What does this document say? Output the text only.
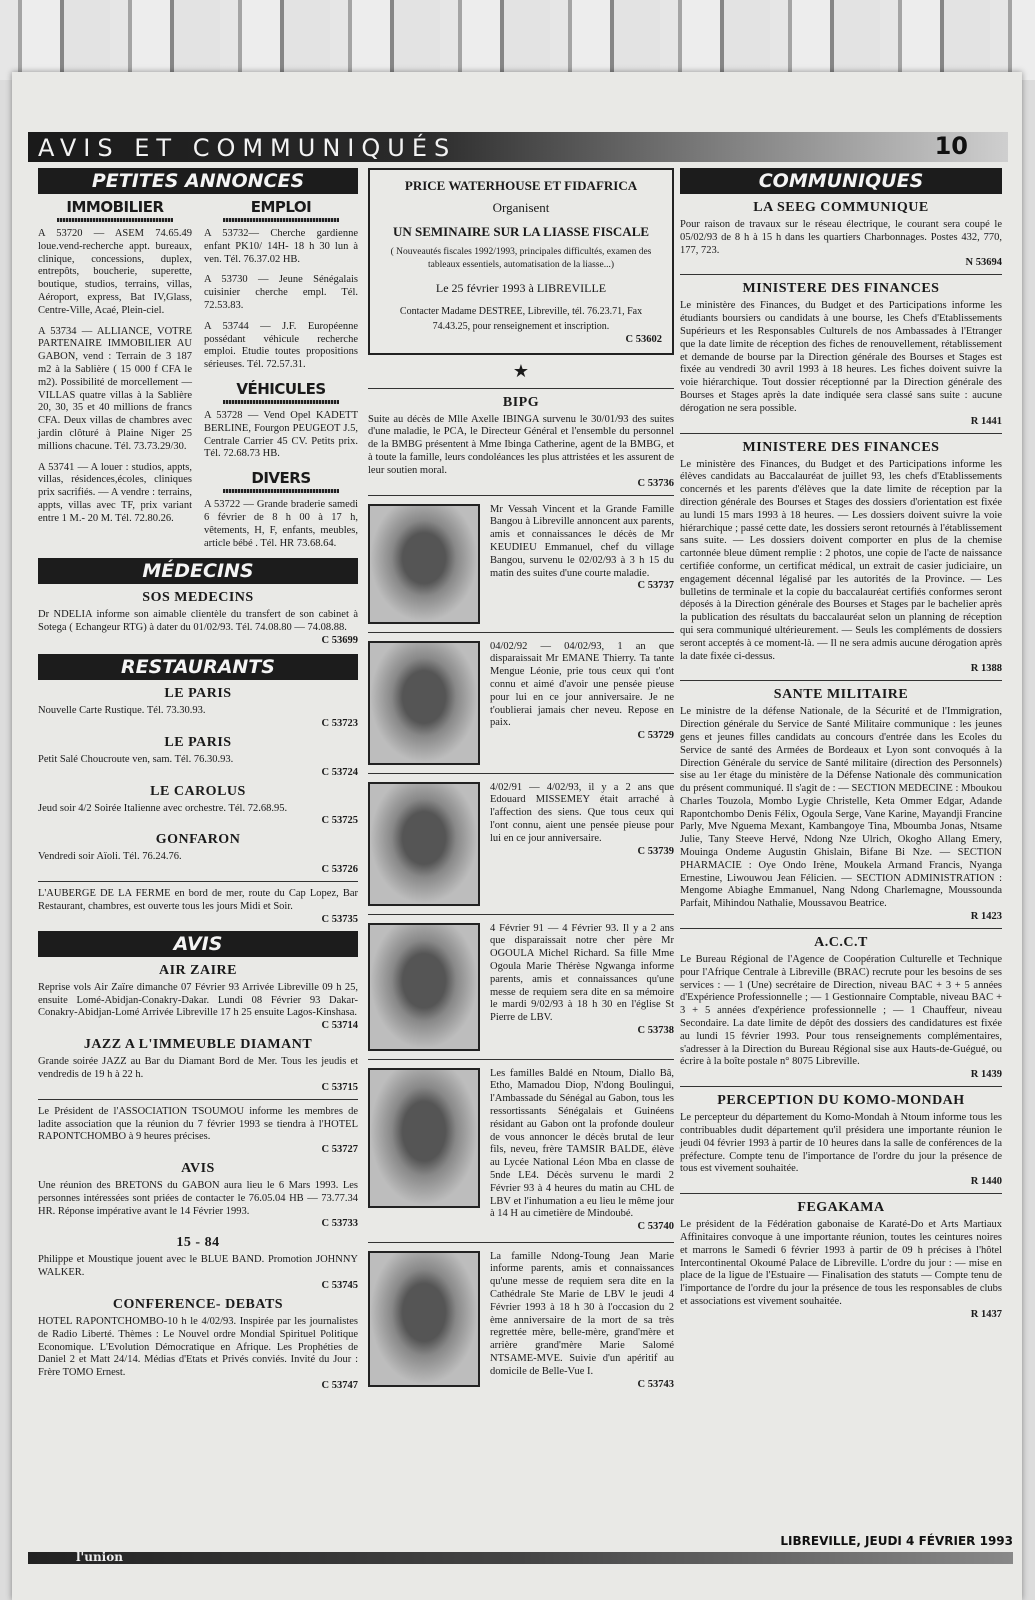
AVIS ET COMMUNIQUÉS	10
PETITES ANNONCES
IMMOBILIER

A 53720 — ASEM 74.65.49 loue.vend-recherche appt. bureaux, clinique, concessions, duplex, entrepôts, boucherie, superette, boutique, studios, terrains, villas, Aéroport, express, Bat IV,Glass, Centre-Ville, Acaé, Plein-ciel.

A 53734 — ALLIANCE, VOTRE PARTENAIRE IMMOBILIER AU GABON, vend : Terrain de 3 187 m2 à la Sablière ( 15 000 f CFA le m2). Possibilité de morcellement — VILLAS quatre villas à la Sablière 20, 30, 35 et 40 millions de francs CFA. Deux villas de chambres avec jardin clôturé à Plaine Niger 25 millions chacune. Tél. 73.73.29/30.

A 53741 — A louer : studios, appts, villas, résidences,écoles, cliniques prix sacrifiés. — A vendre : terrains, appts, villas avec TF, prix variant entre 1 M.- 20 M. Tél. 72.80.26.

EMPLOI

A 53732— Cherche gardienne enfant PK10/ 14H- 18 h 30 lun à ven. Tél. 76.37.02 HB.

A 53730 — Jeune Sénégalais cuisinier cherche empl. Tél. 72.53.83.

A 53744 — J.F. Européenne possédant véhicule recherche emploi. Etudie toutes propositions sérieuses. Tél. 72.57.31.

VÉHICULES

A 53728 — Vend Opel KADETT BERLINE, Fourgon PEUGEOT J.5, Centrale Carrier 45 CV. Petits prix. Tél. 72.68.73 HB.

DIVERS

A 53722 — Grande braderie samedi 6 février de 8 h 00 à 17 h, vêtements, H, F, enfants, meubles, article bébé . Tél. HR 73.68.64.

MÉDECINS
SOS MEDECINS

Dr NDELIA informe son aimable clientèle du transfert de son cabinet à Sotega ( Echangeur RTG) à dater du 01/02/93. Tél. 74.08.80 — 74.08.88.

C 53699
RESTAURANTS
LE PARIS

Nouvelle Carte Rustique. Tél. 73.30.93.

C 53723
LE PARIS

Petit Salé Choucroute ven, sam. Tél. 76.30.93.

C 53724
LE CAROLUS

Jeud soir 4/2 Soirée Italienne avec orchestre. Tél. 72.68.95.

C 53725
GONFARON

Vendredi soir Aïoli. Tél. 76.24.76.

C 53726

L'AUBERGE DE LA FERME en bord de mer, route du Cap Lopez, Bar Restaurant, chambres, est ouverte tous les jours Midi et Soir.

C 53735
AVIS
AIR ZAIRE

Reprise vols Air Zaïre dimanche 07 Février 93 Arrivée Libreville 09 h 25, ensuite Lomé-Abidjan-Conakry-Dakar. Lundi 08 Février 93 Dakar-Conakry-Abidjan-Lomé Arrivée Libreville 17 h 25 ensuite Lagos-Kinshasa.

C 53714
JAZZ A L'IMMEUBLE DIAMANT

Grande soirée JAZZ au Bar du Diamant Bord de Mer. Tous les jeudis et vendredis de 19 h à 22 h.

C 53715

Le Président de l'ASSOCIATION TSOUMOU informe les membres de ladite association que la réunion du 7 février 1993 se tiendra à l'HOTEL RAPONTCHOMBO à 9 heures précises.

C 53727
AVIS

Une réunion des BRETONS du GABON aura lieu le 6 Mars 1993. Les personnes intéressées sont priées de contacter le 76.05.04 HB — 73.77.34 HR. Réponse impérative avant le 14 Février 1993.

C 53733
15 - 84

Philippe et Moustique jouent avec le BLUE BAND. Promotion JOHNNY WALKER.

C 53745
CONFERENCE- DEBATS

HOTEL RAPONTCHOMBO-10 h le 4/02/93. Inspirée par les journalistes de Radio Liberté. Thèmes : Le Nouvel ordre Mondial Spirituel Politique Economique. L'Evolution Démocratique en Afrique. Les Prophéties de Daniel 2 et Matt 24/14. Médias d'Etats et Privés conviés. Invité du Jour : Frère TOMO Ernest.

C 53747
PRICE WATERHOUSE ET FIDAFRICA
Organisent
UN SEMINAIRE SUR LA LIASSE FISCALE
( Nouveautés fiscales 1992/1993, principales difficultés, examen des tableaux essentiels, automatisation de la liasse...)
Le 25 février 1993 à LIBREVILLE
Contacter Madame DESTREE, Libreville, tél. 76.23.71, Fax 74.43.25, pour renseignement et inscription.
C 53602
★
BIPG

Suite au décès de Mlle Axelle IBINGA survenu le 30/01/93 des suites d'une maladie, le PCA, le Directeur Général et l'ensemble du personnel de la BMBG présentent à Mme Ibinga Catherine, agent de la BMBG, et à toute la famille, leurs condoléances les plus attristées et les assurent de leur soutien moral.

C 53736
Mr Vessah Vincent et la Grande Famille Bangou à Libreville annoncent aux parents, amis et connaissances le décès de Mr KEUDIEU Emmanuel, chef du village Bangou, survenu le 02/02/93 à 3 h 15 du matin des suites d'une courte maladie.
C 53737
04/02/92 — 04/02/93, 1 an que disparaissait Mr EMANE Thierry. Ta tante Mengue Léonie, prie tous ceux qui t'ont connu et aimé d'avoir une pensée pieuse pour lui en ce jour anniversaire. Je ne t'oublierai jamais cher neveu. Repose en paix.
C 53729
4/02/91 — 4/02/93, il y a 2 ans que Edouard MISSEMEY était arraché à l'affection des siens. Que tous ceux qui l'ont connu, aient une pensée pieuse pour lui en ce jour anniversaire.
C 53739
4 Février 91 — 4 Février 93. Il y a 2 ans que disparaissait notre cher père Mr OGOULA Michel Richard. Sa fille Mme Ogoula Marie Thérèse Ngwanga informe parents, amis et connaissances qu'une messe de requiem sera dite en sa mémoire le mardi 9/02/93 à 18 h 30 en l'église St Pierre de LBV.
C 53738
Les familles Baldé en Ntoum, Diallo Bâ, Etho, Mamadou Diop, N'dong Boulingui, l'Ambassade du Sénégal au Gabon, tous les ressortissants Sénégalais et Guinéens résidant au Gabon ont la profonde douleur de vous annoncer le décès brutal de leur fils, neveu, frère TAMSIR BALDE, élève au Lycée National Léon Mba en classe de 5nde LE4. Décès survenu le mardi 2 Février 93 à 4 heures du matin au CHL de LBV et l'inhumation a eu lieu le même jour à 14 H au cimetière de Mindoubé.
C 53740
La famille Ndong-Toung Jean Marie informe parents, amis et connaissances qu'une messe de requiem sera dite en la Cathédrale Ste Marie de LBV le jeudi 4 Février 1993 à 18 h 30 à l'occasion du 2 ème anniversaire de la mort de sa très regrettée mère, belle-mère, grand'mère et arrière grand'mère Marie Salomé NTSAME-MVE. Suivie d'un apéritif au domicile de Belle-Vue I.
C 53743
COMMUNIQUES
LA SEEG COMMUNIQUE

Pour raison de travaux sur le réseau électrique, le courant sera coupé le 05/02/93 de 8 h à 15 h dans les quartiers Charbonnages. Postes 432, 770, 177, 723.

N 53694
MINISTERE DES FINANCES

Le ministère des Finances, du Budget et des Participations informe les étudiants boursiers ou candidats à une bourse, les Chefs d'Etablissements Supérieurs et les Responsables Culturels de nos Ambassades à l'Etranger que la date limite de réception des fiches de renouvellement, rétablissement et demande de bourse par la Direction générale des Bourses et Stages est fixée au vendredi 30 avril 1993 à 18 heures. Les fiches doivent suivre la voie hiérarchique. Tout dossier réceptionné par la Direction générale des Bourses et Stages après la date indiquée sera classé sans suite : aucune dérogation ne sera possible.

R 1441
MINISTERE DES FINANCES

Le ministère des Finances, du Budget et des Participations informe les élèves candidats au Baccalauréat de juillet 93, les chefs d'Etablissements concernés et les parents d'élèves que la date limite de réception par la direction générale des Bourses et Stages des dossiers d'orientation est fixée au lundi 15 mars 1993 à 18 heures. — Les dossiers doivent suivre la voie hiérarchique ; passé cette date, les dossiers seront retournés à l'établissement sans suite. — Les dossiers doivent comporter en plus de la chemise cartonnée bleue dûment remplie : 2 photos, une copie de l'acte de naissance certifiée conforme, un certificat médical, un extrait de casier judiciaire, un engagement décennal légalisé par les autorités de la Province. — Les bulletins de terminale et la copie du baccalauréat certifiés conformes seront déposés à la Direction générale des Bourses et Stages par le bachelier après la publication des résultats du baccalauréat selon un planning de réception qui sera communiqué ultérieurement. — Seuls les compléments de dossiers seront acceptés à ce moment-là. — Il ne sera admis aucune dérogation après la date fixée ci-dessus.

R 1388
SANTE MILITAIRE

Le ministre de la défense Nationale, de la Sécurité et de l'Immigration, Direction générale du Service de Santé Militaire communique : les jeunes gens et jeunes filles candidats au concours d'entrée dans les Ecoles du Service de santé des Armées de Bordeaux et Lyon sont convoqués à la Direction Générale du service de Santé militaire (direction des Personnels) sise au 1er étage du ministère de la Défense Nationale dès communication du présent communiqué. Il s'agit de : — SECTION MEDECINE : Mboukou Charles Touzola, Mombo Lygie Christelle, Keta Ommer Edgar, Adande Rapontchombo Denis Félix, Ogoula Serge, Vane Karine, Mayandji Francine Parly, Mve Nguema Mexant, Kambangoye Tina, Mboumba Jonas, Ntsame Julie, Tany Steeve Hervé, Ndong Nze Ulrich, Okogho Allang Emery, Mouinga Ondeme Augustin Ghislain, Bifane Bi Nze. — SECTION PHARMACIE : Oye Ondo Irène, Moukela Armand Francis, Nyanga Ernestine, Liwouwou Jean Félicien. — SECTION ADMINISTRATION : Mengome Abiaghe Emmanuel, Nang Ndong Charlemagne, Moussounda Parfait, Mihindou Nathalie, Moussavou Beatrice.

R 1423
A.C.C.T

Le Bureau Régional de l'Agence de Coopération Culturelle et Technique pour l'Afrique Centrale à Libreville (BRAC) recrute pour les besoins de ses services : — 1 (Une) secrétaire de Direction, niveau BAC + 3 + 5 années d'Expérience Professionnelle ; — 1 Gestionnaire Comptable, niveau BAC + 3 + 5 années d'expérience professionnelle ; — 1 Chauffeur, niveau Secondaire. La date limite de dépôt des dossiers des candidatures est fixée au lundi 15 février 1993. Pour tous renseignements complémentaires, s'adresser à la Direction du Bureau Régional sise aux Hauts-de-Guégué, ou écrire à la boîte postale n° 8075 Libreville.

R 1439
PERCEPTION DU KOMO-MONDAH

Le percepteur du département du Komo-Mondah à Ntoum informe tous les contribuables dudit département qu'il présidera une importante réunion le jeudi 04 février 1993 à partir de 10 heures dans la salle de conférences de la préfecture. Compte tenu de l'importance de l'ordre du jour la présence de tous est vivement souhaitée.

R 1440
FEGAKAMA

Le président de la Fédération gabonaise de Karaté-Do et Arts Martiaux Affinitaires convoque à une importante réunion, toutes les ceintures noires et marrons le Samedi 6 février 1993 à partir de 09 h précises à l'hôtel Intercontinental Okoumé Palace de Libreville. L'ordre du jour : — mise en place de la ligue de l'Estuaire — Finalisation des statuts — Compte tenu de l'importance de l'ordre du jour la présence de tous les responsables de clubs et associations est vivement souhaitée.

R 1437
l'union
LIBREVILLE, JEUDI 4 FÉVRIER 1993
